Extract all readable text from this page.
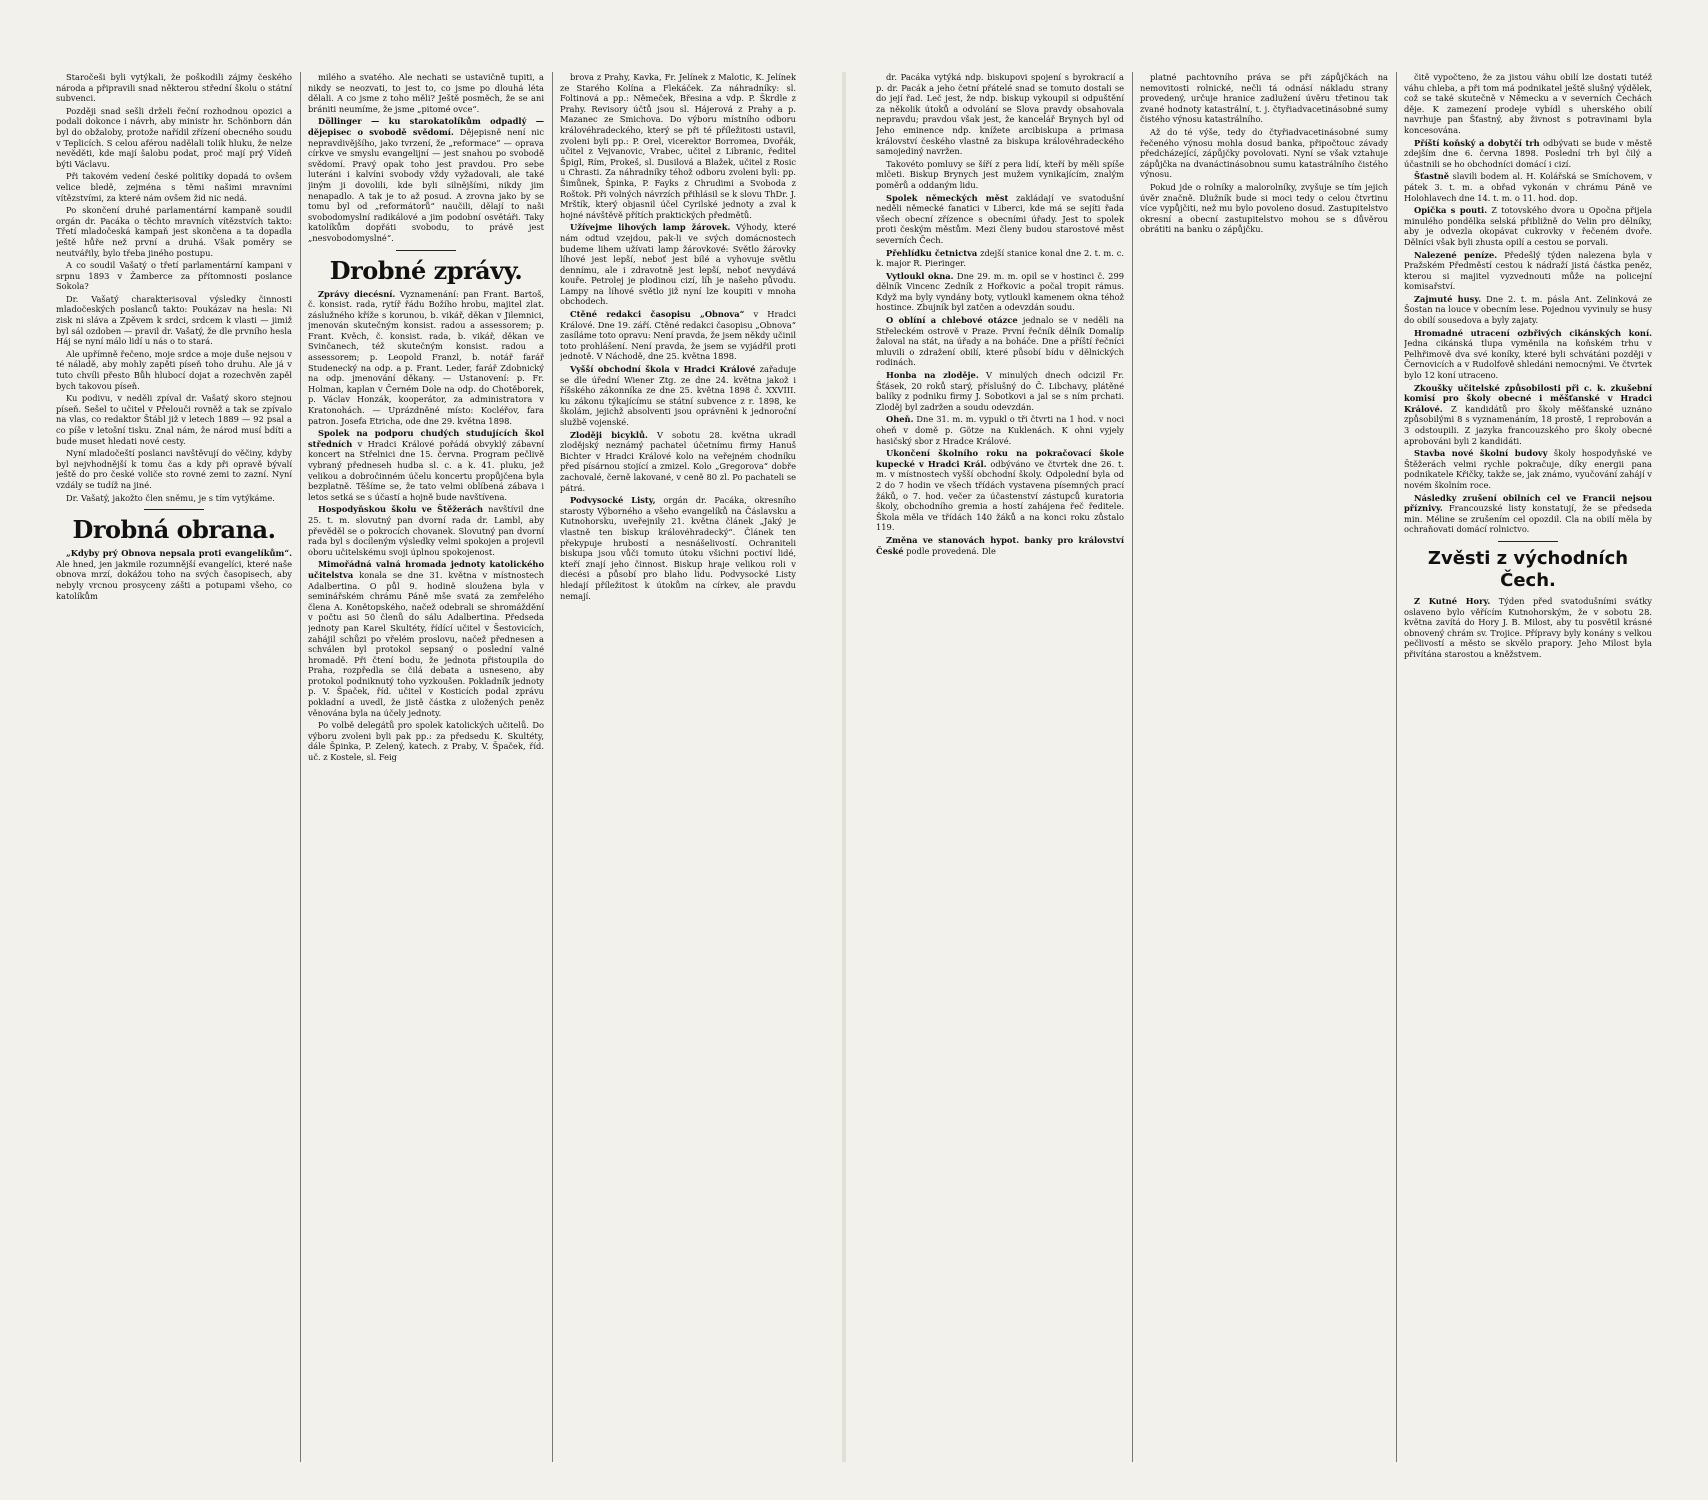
Staročeši byli vytýkali, že poškodili zájmy českého národa a připravili snad některou střední školu o státní subvenci.

Později snad sešli drželi řeční rozhodnou opozici a podali dokonce i návrh, aby ministr hr. Schönborn dán byl do obžaloby, protože nařídil zřízení obecného soudu v Teplicích. S celou aférou nadělali tolik hluku, že nelze nevěděti, kde mají šalobu podat, proč mají prý Vídeň býti Václavu.

Při takovém vedení české politiky dopadá to ovšem velice bledě, zejména s těmi našimi mravními vítězstvími, za které nám ovšem žid nic nedá.

Po skončení druhé parlamentární kampaně soudil orgán dr. Pacáka o těchto mravních vítězstvích takto: Třetí mladočeská kampaň jest skončena a ta dopadla ještě hůře než první a druhá. Však poměry se neutvářily, bylo třeba jiného postupu.

A co soudil Vašatý o třetí parlamentární kampani v srpnu 1893 v Žamberce za přítomnosti poslance Sokola?

Dr. Vašatý charakterisoval výsledky činnosti mladočeských poslanců takto: Poukázav na hesla: Ni zisk ni sláva a Zpěvem k srdci, srdcem k vlasti — jimiž byl sál ozdoben — pravil dr. Vašatý, že dle prvního hesla Háj se nyní málo lidí u nás o to stará.

Ale upřímně řečeno, moje srdce a moje duše nejsou v té náladě, aby mohly zapěti píseň toho druhu. Ale já v tuto chvíli přesto Bůh hlubocí dojat a rozechvěn zapěl bych takovou píseň.

Ku podivu, v neděli zpíval dr. Vašatý skoro stejnou píseň. Sešel to učitel v Přelouči rovněž a tak se zpívalo na vlas, co redaktor Štábl již v letech 1889 — 92 psal a co píše v letošní tisku. Znal nám, že národ musí bdíti a bude muset hledati nové cesty.

Nyní mladočeští poslanci navštěvují do věčiny, kdyby byl nejvhodnější k tomu čas a kdy při opravě bývalí ještě do pro české voliče sto rovné zemi to zazní. Nyní vzdály se tudíž na jiné.

Dr. Vašatý, jakožto člen sněmu, je s tím vytýkáme.

Drobná obrana.

„Kdyby prý Obnova nepsala proti evangelíkům“. Ale hned, jen jakmile rozumnější evangelíci, které naše obnova mrzí, dokážou toho na svých časopisech, aby nebyly vrcnou prosyceny zášti a potupami všeho, co katolíkům

milého a svatého. Ale nechati se ustavičně tupiti, a nikdy se neozvati, to jest to, co jsme po dlouhá léta dělali. A co jsme z toho měli? Ještě posměch, že se ani brániti neumíme, že jsme „pitomé ovce“.

Döllinger — ku starokatolíkům odpadlý — dějepisec o svobodě svědomí. Dějepisně není nic nepravdivějšího, jako tvrzení, že „reformace“ — oprava církve ve smyslu evangelijní — jest snahou po svobodě svědomí. Pravý opak toho jest pravdou. Pro sebe luteráni i kalvíni svobody vždy vyžadovali, ale také jiným ji dovolili, kde byli silnějšími, nikdy jim nenapadlo. A tak je to až posud. A zrovna jako by se tomu byl od „reformátorů“ naučili, dělají to naši svobodomyslní radikálové a jim podobní osvětáři. Taky katolíkům dopřáti svobodu, to právě jest „nesvobodomyslné“.

Drobné zprávy.

Zprávy diecésní. Vyznamenání: pan Frant. Bartoš, č. konsist. rada, rytíř řádu Božího hrobu, majitel zlat. záslužného kříže s korunou, b. vikář, děkan v Jilemnici, jmenován skutečným konsist. radou a assessorem; p. Frant. Kvěch, č. konsist. rada, b. vikář, děkan ve Svinčanech, též skutečným konsist. radou a assessorem; p. Leopold Franzl, b. notář farář Studenecký na odp. a p. Frant. Leder, farář Zdobnický na odp. jmenování děkany. — Ustanovení: p. Fr. Holman, kaplan v Černém Dole na odp. do Chotěborek, p. Václav Honzák, kooperátor, za administratora v Kratonohách. — Uprázdněné místo: Kocléřov, fara patron. Josefa Etricha, ode dne 29. května 1898.

Spolek na podporu chudých studujících škol středních v Hradci Králové pořádá obvyklý zábavní koncert na Střelnici dne 15. června. Program pečlivě vybraný předneseh hudba sl. c. a k. 41. pluku, jež velikou a dobročinném účelu koncertu propůjčena byla bezplatně. Těšíme se, že tato velmi oblíbená zábava i letos setká se s účastí a hojně bude navštívena.

Hospodyňskou školu ve Štěžerách navštívil dne 25. t. m. slovutný pan dvorní rada dr. Lambl, aby převěděl se o pokrocích chovanek. Slovutný pan dvorní rada byl s docíleným výsledky velmi spokojen a projevil oboru učitelskému svoji úplnou spokojenost.

Mimořádná valná hromada jednoty katolického učitelstva konala se dne 31. května v místnostech Adalbertina. O půl 9. hodině sloužena byla v seminářském chrámu Páně mše svatá za zemřelého člena A. Konětopského, načež odebrali se shromáždění v počtu asi 50 členů do sálu Adalbertina. Předseda jednoty pan Karel Skultéty, řídící učitel v Šestovicích, zahájil schůzi po vřelém proslovu, načež přednesen a schválen byl protokol sepsaný o poslední valné hromadě. Při čtení bodu, že jednota přistoupila do Praha, rozpředla se čilá debata a usneseno, aby protokol podniknutý toho vyzkoušen. Pokladník jednoty p. V. Špaček, říd. učitel v Kosticích podal zprávu pokladní a uvedl, že jistě částka z uložených peněz věnována byla na účely jednoty.

Po volbě delegátů pro spolek katolických učitelů. Do výboru zvoleni byli pak pp.: za předsedu K. Skultéty, dále Špinka, P. Zelený, katech. z Praby, V. Špaček, říd. uč. z Kostele, sl. Feig

brova z Prahy, Kavka, Fr. Jelínek z Malotic, K. Jelínek ze Starého Kolína a Flekáček. Za náhradníky: sl. Foltinová a pp.: Němeček, Břesina a vdp. P. Škrdle z Prahy. Revisory účtů jsou sl. Hájerová z Prahy a p. Mazanec ze Smichova. Do výboru místního odboru královéhradeckého, který se při té příležitosti ustavil, zvoleni byli pp.: P. Orel, vicerektor Borromea, Dvořák, učitel z Vejvanovic, Vrabec, učitel z Libranic, ředitel Špigl, Rím, Prokeš, sl. Dusilová a Blažek, učitel z Rosic u Chrasti. Za náhradníky téhož odboru zvoleni byli: pp. Šimůnek, Špinka, P. Fayks z Chrudimi a Svoboda z Roštok. Při volných návrzích přihlásil se k slovu ThDr. J. Mrštík, který objasnil účel Cyrilské jednoty a zval k hojné návštěvě přítích praktických předmětů.

Užívejme lihových lamp žárovek. Výhody, které nám odtud vzejdou, pak-li ve svých domácnostech budeme lihem užívati lamp žárovkové: Světlo žárovky líhové jest lepší, neboť jest bílé a vyhovuje světlu dennímu, ale i zdravotně jest lepší, neboť nevydává kouře. Petrolej je plodinou cizí, líh je našeho původu. Lampy na líhové světlo již nyní lze koupiti v mnoha obchodech.

Ctěné redakci časopisu „Obnova“ v Hradci Králové. Dne 19. září. Ctěné redakci časopisu „Obnova“ zasíláme toto opravu: Není pravda, že jsem někdy učinil toto prohlášení. Není pravda, že jsem se vyjádřil proti jednotě. V Náchodě, dne 25. května 1898.

Vyšší obchodní škola v Hradci Králové zařaduje se dle úřední Wiener Ztg. ze dne 24. května jakož i říšského zákonníka ze dne 25. května 1898 č. XXVIII. ku zákonu týkajícímu se státní subvence z r. 1898, ke školám, jejichž absolventi jsou oprávněni k jednoroční službě vojenské.

Zloději bicyklů. V sobotu 28. května ukradl zlodějský neznámý pachatel účetnímu firmy Hanuš Bichter v Hradci Králové kolo na veřejném chodníku před písárnou stojící a zmizel. Kolo „Gregorova“ dobře zachovalé, černě lakované, v ceně 80 zl. Po pachateli se pátrá.

Podvysocké Listy, orgán dr. Pacáka, okresního starosty Výborného a všeho evangelíků na Čáslavsku a Kutnohorsku, uveřejnily 21. května článek „Jaký je vlastně ten biskup královéhradecký“. Článek ten překypuje hrubostí a nesnášelivostí. Ochraniteli biskupa jsou vůči tomuto útoku všichni poctiví lidé, kteří znají jeho činnost. Biskup hraje velikou roli v diecési a působí pro blaho lidu. Podvysocké Listy hledají příležitost k útokům na církev, ale pravdu nemají.

dr. Pacáka vytýká ndp. biskupovi spojení s byrokracií a p. dr. Pacák a jeho četní přátelé snad se tomuto dostali se do její řad. Leč jest, že ndp. biskup vykoupil si odpuštění za několik útoků a odvolání se Slova pravdy obsahovala nepravdu; pravdou však jest, že kancelář Brynych byl od Jeho eminence ndp. knížete arcibiskupa a primasa království českého vlastně za biskupa královéhradeckého samojediný navržen.

Takovéto pomluvy se šíří z pera lidí, kteří by měli spíše mlčeti. Biskup Brynych jest mužem vynikajícím, znalým poměrů a oddaným lidu.

Spolek německých měst zakládají ve svatodušní neděli německé fanatici v Liberci, kde má se sejíti řada všech obecní zřízence s obecními úřady. Jest to spolek proti českým městům. Mezi členy budou starostové měst severních Čech.

Přehlídku četnictva zdejší stanice konal dne 2. t. m. c. k. major R. Pieringer.

Vytloukl okna. Dne 29. m. m. opil se v hostinci č. 299 dělník Vincenc Zedník z Hořkovic a počal tropit rámus. Když ma byly vyndány boty, vytloukl kamenem okna téhož hostince. Zbujník byl zatčen a odevzdán soudu.

O oblíní a chlebové otázce jednalo se v neděli na Střeleckém ostrově v Praze. První řečník dělník Domalíp žaloval na stát, na úřady a na boháče. Dne a příští řečníci mluvili o zdražení obilí, které působí bídu v dělnických rodinách.

Honba na zloděje. V minulých dnech odcizil Fr. Šťásek, 20 roků starý, příslušný do Č. Libchavy, plátěné balíky z podniku firmy J. Sobotkovi a jal se s ním prchati. Zloděj byl zadržen a soudu odevzdán.

Oheň. Dne 31. m. m. vypukl o tři čtvrti na 1 hod. v noci oheň v domě p. Götze na Kuklenách. K ohni vyjely hasičský sbor z Hradce Králové.

Ukončení školního roku na pokračovací škole kupecké v Hradci Král. odbýváno ve čtvrtek dne 26. t. m. v místnostech vyšší obchodní školy. Odpolední byla od 2 do 7 hodin ve všech třídách vystavena písemných prací žáků, o 7. hod. večer za účastenství zástupců kuratoria školy, obchodního gremia a hostí zahájena řeč ředitele. Škola měla ve třídách 140 žáků a na konci roku zůstalo 119.

Změna ve stanovách hypot. banky pro království České podle provedená. Dle

platné pachtovního práva se při zápůjčkách na nemovitosti rolnické, nečli tá odnásí nákladu strany provedený, určuje hranice zadlužení úvěru třetinou tak zvané hodnoty katastrální, t. j. čtyřiadvacetinásobné sumy čistého výnosu katastrálního.

Až do té výše, tedy do čtyřiadvacetinásobné sumy řečeného výnosu mohla dosud banka, připočtouc závady předcházející, zápůjčky povolovati. Nyní se však vztahuje zápůjčka na dvanáctinásobnou sumu katastrálního čistého výnosu.

Pokud jde o rolníky a malorolníky, zvyšuje se tím jejich úvěr značně. Dlužník bude si moci tedy o celou čtvrtinu více vypůjčiti, než mu bylo povoleno dosud. Zastupitelstvo okresní a obecní zastupitelstvo mohou se s důvěrou obrátiti na banku o zápůjčku.

čitě vypočteno, že za jistou váhu obilí lze dostati tutéž váhu chleba, a při tom má podnikatel ještě slušný výdělek, což se také skutečně v Německu a v severních Čechách děje. K zamezení prodeje vybídl s uherského obilí navrhuje pan Šťastný, aby živnost s potravinami byla koncesována.

Příští koňský a dobytčí trh odbývati se bude v městě zdejším dne 6. června 1898. Poslední trh byl čilý a účastnili se ho obchodníci domácí i cizí.

Šťastně slavili bodem al. H. Kolářská se Smíchovem, v pátek 3. t. m. a obřad vykonán v chrámu Páně ve Holohlavech dne 14. t. m. o 11. hod. dop.

Opička s pouti. Z totovského dvora u Opočna přijela minulého pondělka selská přibližně do Velin pro dělníky, aby je odvezla okopávat cukrovky v řečeném dvoře. Dělníci však byli zhusta opilí a cestou se porvali.

Nalezené peníze. Předešlý týden nalezena byla v Pražském Předměstí cestou k nádraží jistá částka peněz, kterou si majitel vyzvednouti může na policejní komisařství.

Zajmuté husy. Dne 2. t. m. pásla Ant. Zelinková ze Šostan na louce v obecním lese. Pojednou vyvinuly se husy do obilí sousedova a byly zajaty.

Hromadné utracení ozbřivých cikánských koní. Jedna cikánská tlupa vyměnila na koňském trhu v Pelhřimově dva své koníky, které byli schvátáni později v Černovicích a v Rudolfově shledáni nemocnými. Ve čtvrtek bylo 12 koní utraceno.

Zkoušky učitelské způsobilosti při c. k. zkušební komisí pro školy obecné i měšťanské v Hradci Králové. Z kandidátů pro školy měšťanské uznáno způsobilými 8 s vyznamenáním, 18 prostě, 1 reprobován a 3 odstoupili. Z jazyka francouzského pro školy obecné aprobováni byli 2 kandidáti.

Stavba nové školní budovy školy hospodyňské ve Štěžerách velmi rychle pokračuje, díky energii pana podnikatele Křičky, takže se, jak známo, vyučování zahájí v novém školním roce.

Následky zrušení obilních cel ve Francii nejsou příznivy. Francouzské listy konstatují, že se předseda min. Méline se zrušením cel opozdil. Cla na obilí měla by ochraňovati domácí rolnictvo.

Zvěsti z východních Čech.

Z Kutné Hory. Týden před svatodušními svátky oslaveno bylo věřícím Kutnohorským, že v sobotu 28. května zavítá do Hory J. B. Milost, aby tu posvětil krásné obnovený chrám sv. Trojice. Přípravy byly konány s velkou pečlivostí a město se skvělo prapory. Jeho Milost byla přivítána starostou a kněžstvem.
